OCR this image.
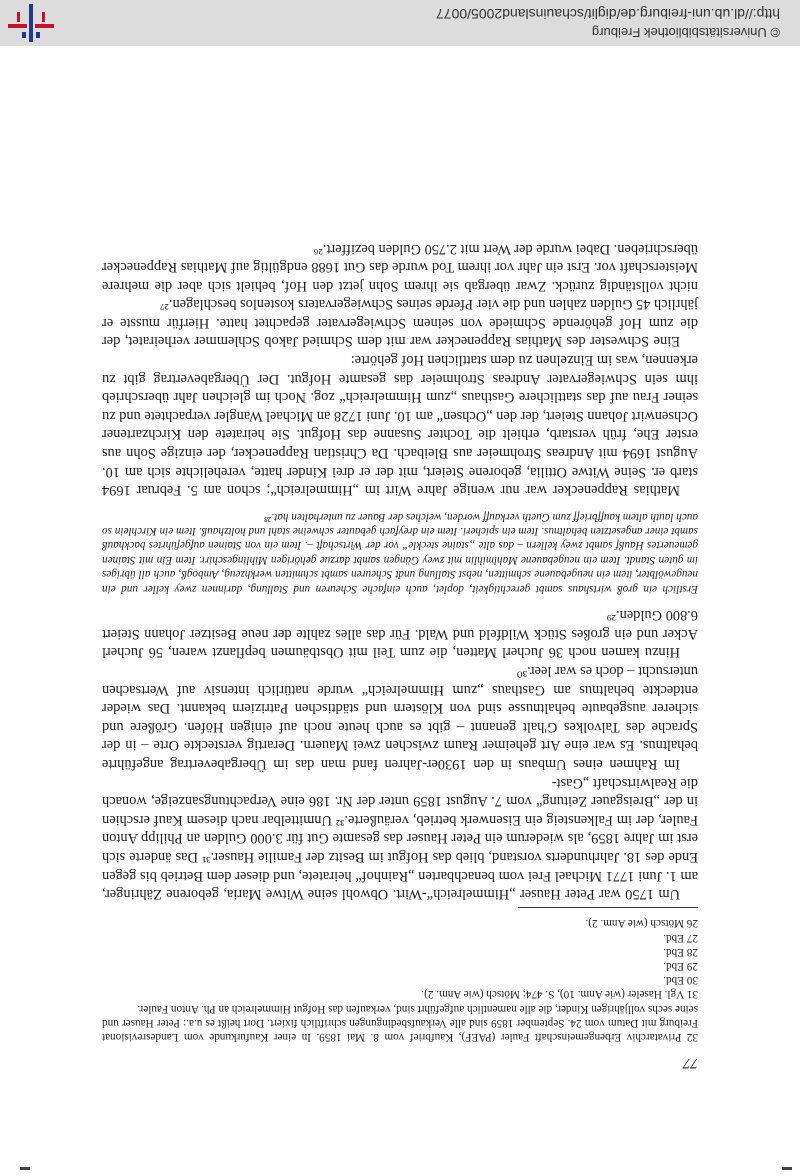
© Universitätsbibliothek Freiburg
http://dl.ub.uni-freiburg.de/diglit/schauinsland2005/0077
77
32 Privatarchiv Erbengemeinschaft Fauler (PAEF), Kaufbrief vom 8. Mai 1859. In einer Kaufurkunde vom Landesrevisionat Freiburg mit Datum vom 24. September 1859 sind alle Verkaufsbedingungen schriftlich fixiert. Dort heißt es u.a.: Peter Hauser und seine sechs volljährigen Kinder, die alle namentlich aufgeführt sind, verkaufen das Hofgut Himmelreich an Ph. Anton Fauler.
31 Vgl. Haseler (wie Anm. 10), S. 474; Mötsch (wie Anm. 2).
30 Ebd.
29 Ebd.
28 Ebd.
27 Ebd.
26 Mötsch (wie Anm. 2).

Um 1750 war Peter Hauser „Himmelreich“-Wirt. Obwohl seine Witwe Maria, geborene Zähringer, am 1. Juni 1771 Michael Frei vom benachbarten „Rainhof“ heiratete, und dieser dem Betrieb bis gegen Ende des 18. Jahrhunderts vorstand, blieb das Hofgut im Besitz der Familie Hauser.³¹ Das änderte sich erst im Jahre 1859, als wiederum ein Peter Hauser das gesamte Gut für 3.000 Gulden an Philipp Anton Fauler, der im Falkensteig ein Eisenwerk betrieb, veräußerte.³² Unmittelbar nach diesem Kauf erschien in der „Breisgauer Zeitung“ vom 7. August 1859 unter der Nr. 186 eine Verpachtungsanzeige, wonach die Realwirtschaft „Gast-

Im Rahmen eines Umbaus in den 1930er-Jahren fand man das im Übergabevertrag angeführte behaltnus. Es war eine Art geheimer Raum zwischen zwei Mauern. Derartig versteckte Orte – in der Sprache des Talvolkes G'halt genannt – gibt es auch heute noch auf einigen Höfen. Größere und sicherer ausgebaute behaltnusse sind von Klöstern und städtischen Patriziern bekannt. Das wieder entdeckte behaltnus am Gasthaus „zum Himmelreich“ wurde natürlich intensiv auf Wertsachen untersucht – doch es war leer.³⁰

Hinzu kamen noch 36 Jucherl Matten, die zum Teil mit Obstbäumen bepflanzt waren, 56 Jucherl Acker und ein großes Stück Wildfeld und Wald. Für das alles zahlte der neue Besitzer Johann Steiert 6.800 Gulden.²⁹

Erstlich ein groß wirtshaus sambt gerechtigkeit, doplet, auch einfache Scheuren und Stallung, darinnen zwey keller und ein neugewölbter, item ein neugebauene schmitten, nebst Stallung undt Scheuren sambt schmitten werkhzeug, Ambogß, auch all übriges im guten Standt. Item ein neugebauene Mahlmihlin mit zwey Gängen sambt darzue gehörigen Mihlingeschirr. Item Ein mit Stainen gemeuertes Haußf sambt zwey kellern – das alte „staine steckle“ vor der Wirtschaft –. Item ein von Stainen aufgeführtes backhauß sambt einer angesetzten behaltnus. Item ein spicheri. Item ein dreyfach gebauter schweine stahl und holtzhauß. Item ein Kirchlein so auch lauth altem kauffbrieff zum Gueth verkauff worden, welches der Bauer zu unterhalten hat.²⁸

Mathias Rappenecker war nur wenige Jahre Wirt im „Himmelreich“; schon am 5. Februar 1694 starb er. Seine Witwe Ottilia, geborene Steiert, mit der er drei Kinder hatte, verehelichte sich am 10. August 1694 mit Andreas Strohmeier aus Bleibach. Da Christian Rappenecker, der einzige Sohn aus erster Ehe, früh verstarb, erhielt die Tochter Susanne das Hofgut. Sie heiratete den Kirchzartener Ochsenwirt Johann Steiert, der den „Ochsen“ am 10. Juni 1728 an Michael Wangler verpachtete und zu seiner Frau auf das stattlichere Gasthaus „zum Himmelreich“ zog. Noch im gleichen Jahr überschrieb ihm sein Schwiegervater Andreas Strohmeier das gesamte Hofgut. Der Übergabevertrag gibt zu erkennen, was im Einzelnen zu dem stattlichen Hof gehörte:

Eine Schwester des Mathias Rappenecker war mit dem Schmied Jakob Schlemmer verheiratet, der die zum Hof gehörende Schmiede von seinem Schwiegervater gepachtet hatte. Hierfür musste er jährlich 45 Gulden zahlen und die vier Pferde seines Schwiegervaters kostenlos beschlagen.²⁷

nicht vollständig zurück. Zwar übergab sie ihrem Sohn jetzt den Hof, behielt sich aber die mehrere Meisterschaft vor. Erst ein Jahr vor ihrem Tod wurde das Gut 1688 endgültig auf Mathias Rappenecker überschrieben. Dabei wurde der Wert mit 2.750 Gulden beziffert.²⁶
